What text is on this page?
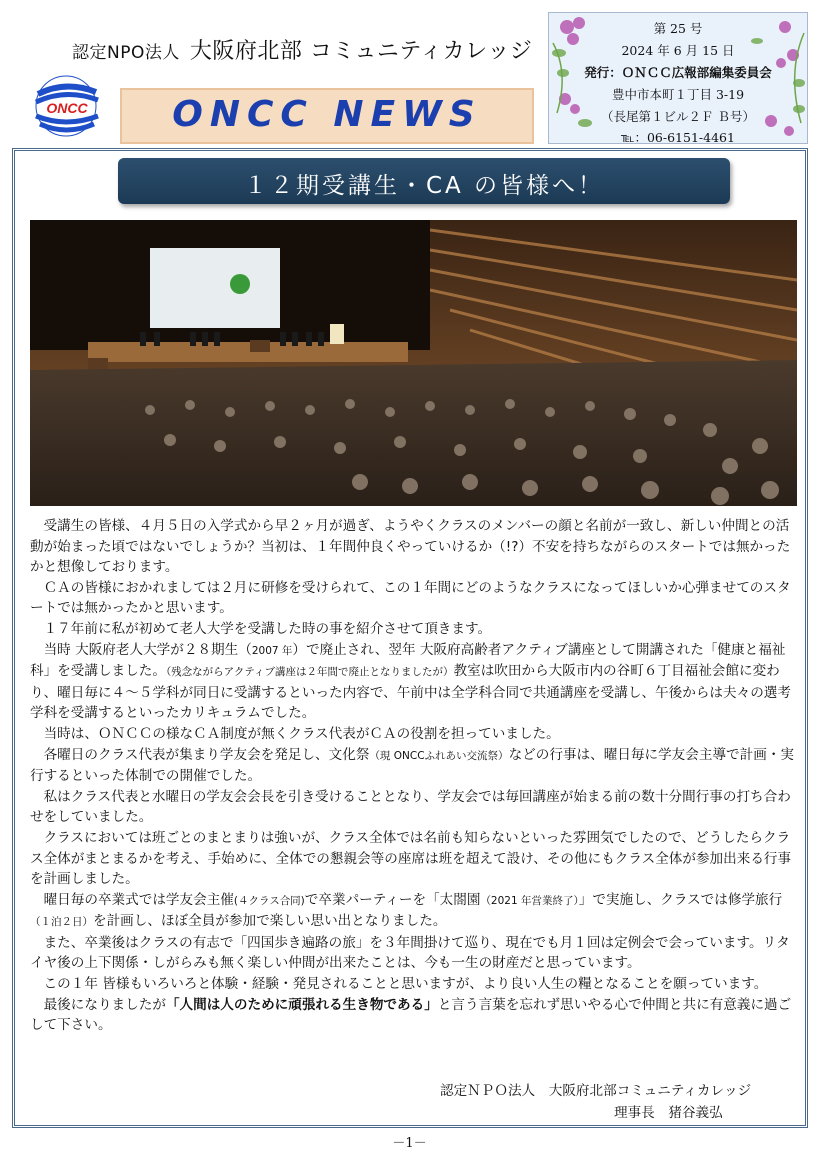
認定NPO法人 大阪府北部 コミュニティカレッジ
ONCC	ONCC NEWS
第 25 号
2024 年 6 月 15 日
発行：ＯＮＣＣ広報部編集委員会
豊中市本町１丁目 3-19
（長尾第１ビル２Ｆ Ｂ号）
℡：06-6151-4461
１２期受講生・CA の皆様へ！

受講生の皆様、４月５日の入学式から早２ヶ月が過ぎ、ようやくクラスのメンバーの顔と名前が一致し、新しい仲間との活動が始まった頃ではないでしょうか？当初は、１年間仲良くやっていけるか（!?）不安を持ちながらのスタートでは無かったかと想像しております。

ＣＡの皆様におかれましては２月に研修を受けられて、この１年間にどのようなクラスになってほしいか心弾ませてのスタートでは無かったかと思います。

１７年前に私が初めて老人大学を受講した時の事を紹介させて頂きます。

当時 大阪府老人大学が２８期生（2007 年）で廃止され、翌年 大阪府高齢者アクティブ講座として開講された「健康と福祉科」を受講しました。（残念ながらアクティブ講座は２年間で廃止となりましたが）教室は吹田から大阪市内の谷町６丁目福祉会館に変わり、曜日毎に４～５学科が同日に受講するといった内容で、午前中は全学科合同で共通講座を受講し、午後からは夫々の選考学科を受講するといったカリキュラムでした。

当時は、ＯＮＣＣの様なＣＡ制度が無くクラス代表がＣＡの役割を担っていました。

各曜日のクラス代表が集まり学友会を発足し、文化祭（現 ONCCふれあい交流祭）などの行事は、曜日毎に学友会主導で計画・実行するといった体制での開催でした。

私はクラス代表と水曜日の学友会会長を引き受けることとなり、学友会では毎回講座が始まる前の数十分間行事の打ち合わせをしていました。

クラスにおいては班ごとのまとまりは強いが、クラス全体では名前も知らないといった雰囲気でしたので、どうしたらクラス全体がまとまるかを考え、手始めに、全体での懇親会等の座席は班を超えて設け、その他にもクラス全体が参加出来る行事を計画しました。

曜日毎の卒業式では学友会主催(４クラス合同)で卒業パーティーを「太閤園（2021 年営業終了）」で実施し、クラスでは修学旅行（１泊２日）を計画し、ほぼ全員が参加で楽しい思い出となりました。

また、卒業後はクラスの有志で「四国歩き遍路の旅」を３年間掛けて巡り、現在でも月１回は定例会で会っています。リタイヤ後の上下関係・しがらみも無く楽しい仲間が出来たことは、今も一生の財産だと思っています。

この１年 皆様もいろいろと体験・経験・発見されることと思いますが、より良い人生の糧となることを願っています。

最後になりましたが「人間は人のために頑張れる生き物である」と言う言葉を忘れず思いやる心で仲間と共に有意義に過ごして下さい。

認定ＮＰＯ法人　大阪府北部コミュニティカレッジ
理事長　猪谷義弘
－1－
